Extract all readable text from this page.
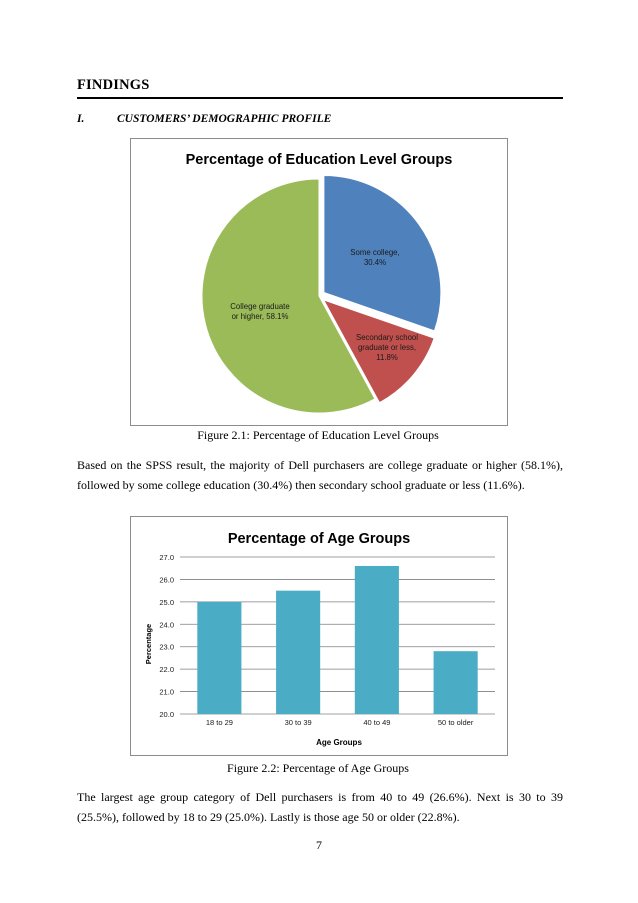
FINDINGS
I.	CUSTOMERS’ DEMOGRAPHIC PROFILE
Percentage of Education Level Groups
Some college, 30.4%
Secondary school graduate or less, 11.8%
College graduate or higher, 58.1%
Figure 2.1: Percentage of Education Level Groups
Based on the SPSS result, the majority of Dell purchasers are college graduate or higher (58.1%), followed by some college education (30.4%) then secondary school graduate or less (11.6%).
Percentage of Age Groups
20.0
21.0
22.0
23.0
24.0
25.0
26.0
27.0
18 to 29	30 to 39	40 to 49	50 to older
Percentage
Age Groups
Figure 2.2: Percentage of Age Groups
The largest age group category of Dell purchasers is from 40 to 49 (26.6%). Next is 30 to 39 (25.5%), followed by 18 to 29 (25.0%). Lastly is those age 50 or older (22.8%).
7
